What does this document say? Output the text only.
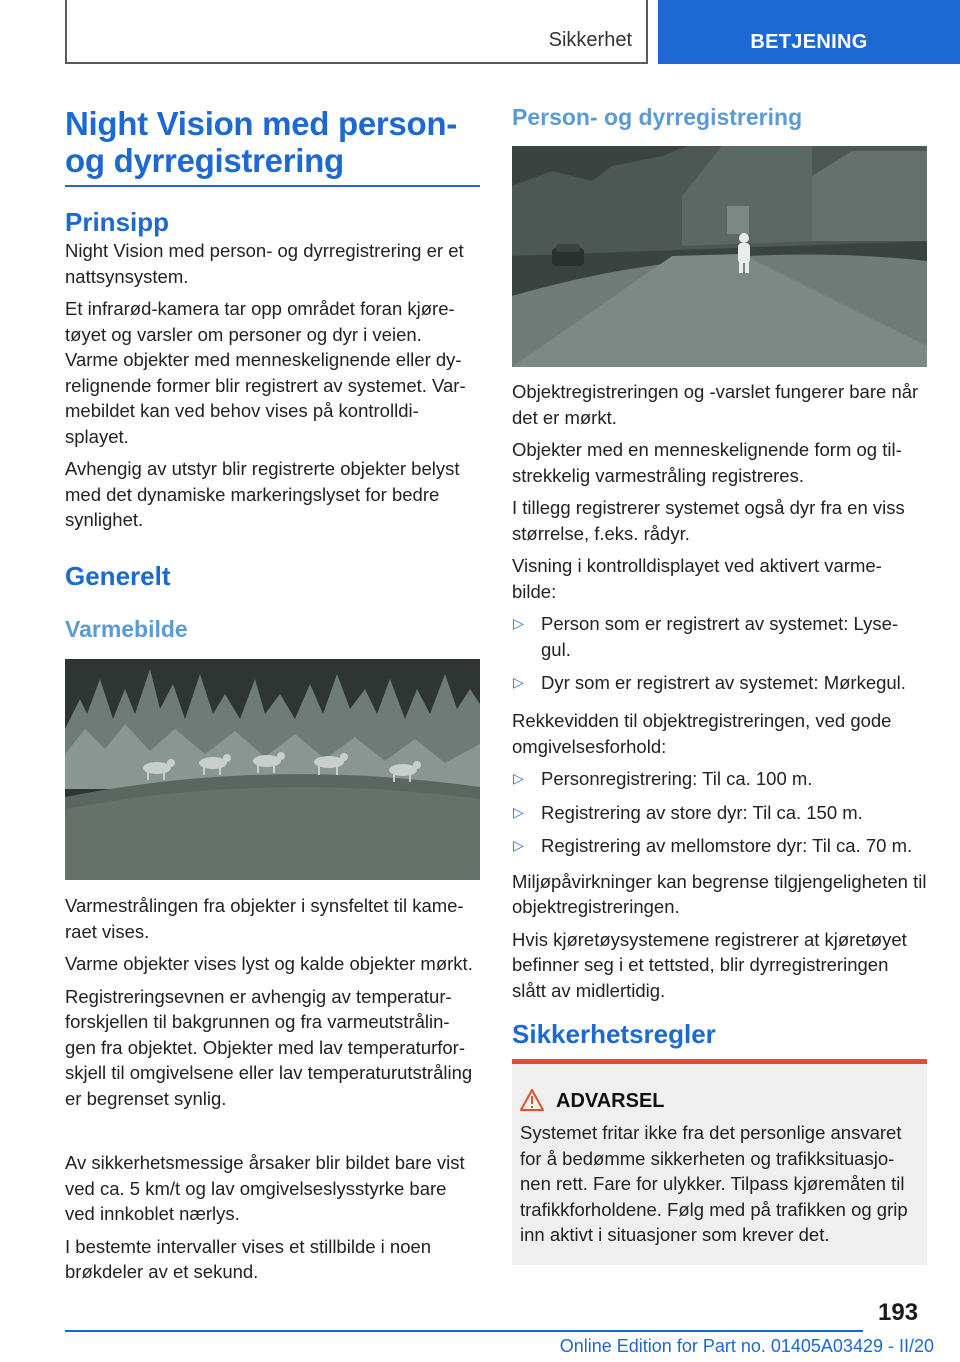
Sikkerhet	BETJENING
Night Vision med person- og dyrregistrering
Prinsipp

Night Vision med person- og dyrregistrering er et nattsynsystem.

Et infrarød-kamera tar opp området foran kjøre- tøyet og varsler om personer og dyr i veien. Varme objekter med menneskelignende eller dy- relignende former blir registrert av systemet. Var- mebildet kan ved behov vises på kontrolldi- splayet.

Avhengig av utstyr blir registrerte objekter belyst med det dynamiske markeringslyset for bedre synlighet.

Generelt
Varmebilde

Varmestrålingen fra objekter i synsfeltet til kame- raet vises.

Varme objekter vises lyst og kalde objekter mørkt.

Registreringsevnen er avhengig av temperatur- forskjellen til bakgrunnen og fra varmeutstrålin- gen fra objektet. Objekter med lav temperaturfor- skjell til omgivelsene eller lav temperaturutstråling er begrenset synlig.

Av sikkerhetsmessige årsaker blir bildet bare vist ved ca. 5 km/t og lav omgivelseslysstyrke bare ved innkoblet nærlys.

I bestemte intervaller vises et stillbilde i noen brøkdeler av et sekund.

Person- og dyrregistrering

Objektregistreringen og -varslet fungerer bare når det er mørkt.

Objekter med en menneskelignende form og til- strekkelig varmestråling registreres.

I tillegg registrerer systemet også dyr fra en viss størrelse, f.eks. rådyr.

Visning i kontrolldisplayet ved aktivert varme- bilde:

▷ Person som er registrert av systemet: Lyse- gul.
▷ Dyr som er registrert av systemet: Mørkegul.

Rekkevidden til objektregistreringen, ved gode omgivelsesforhold:

▷ Personregistrering: Til ca. 100 m.
▷ Registrering av store dyr: Til ca. 150 m.
▷ Registrering av mellomstore dyr: Til ca. 70 m.

Miljøpåvirkninger kan begrense tilgjengeligheten til objektregistreringen.

Hvis kjøretøysystemene registrerer at kjøretøyet befinner seg i et tettsted, blir dyrregistreringen slått av midlertidig.

Sikkerhetsregler
ADVARSEL

Systemet fritar ikke fra det personlige ansvaret for å bedømme sikkerheten og trafikksituasjo- nen rett. Fare for ulykker. Tilpass kjøremåten til trafikkforholdene. Følg med på trafikken og grip inn aktivt i situasjoner som krever det.

193
Online Edition for Part no. 01405A03429 - II/20
